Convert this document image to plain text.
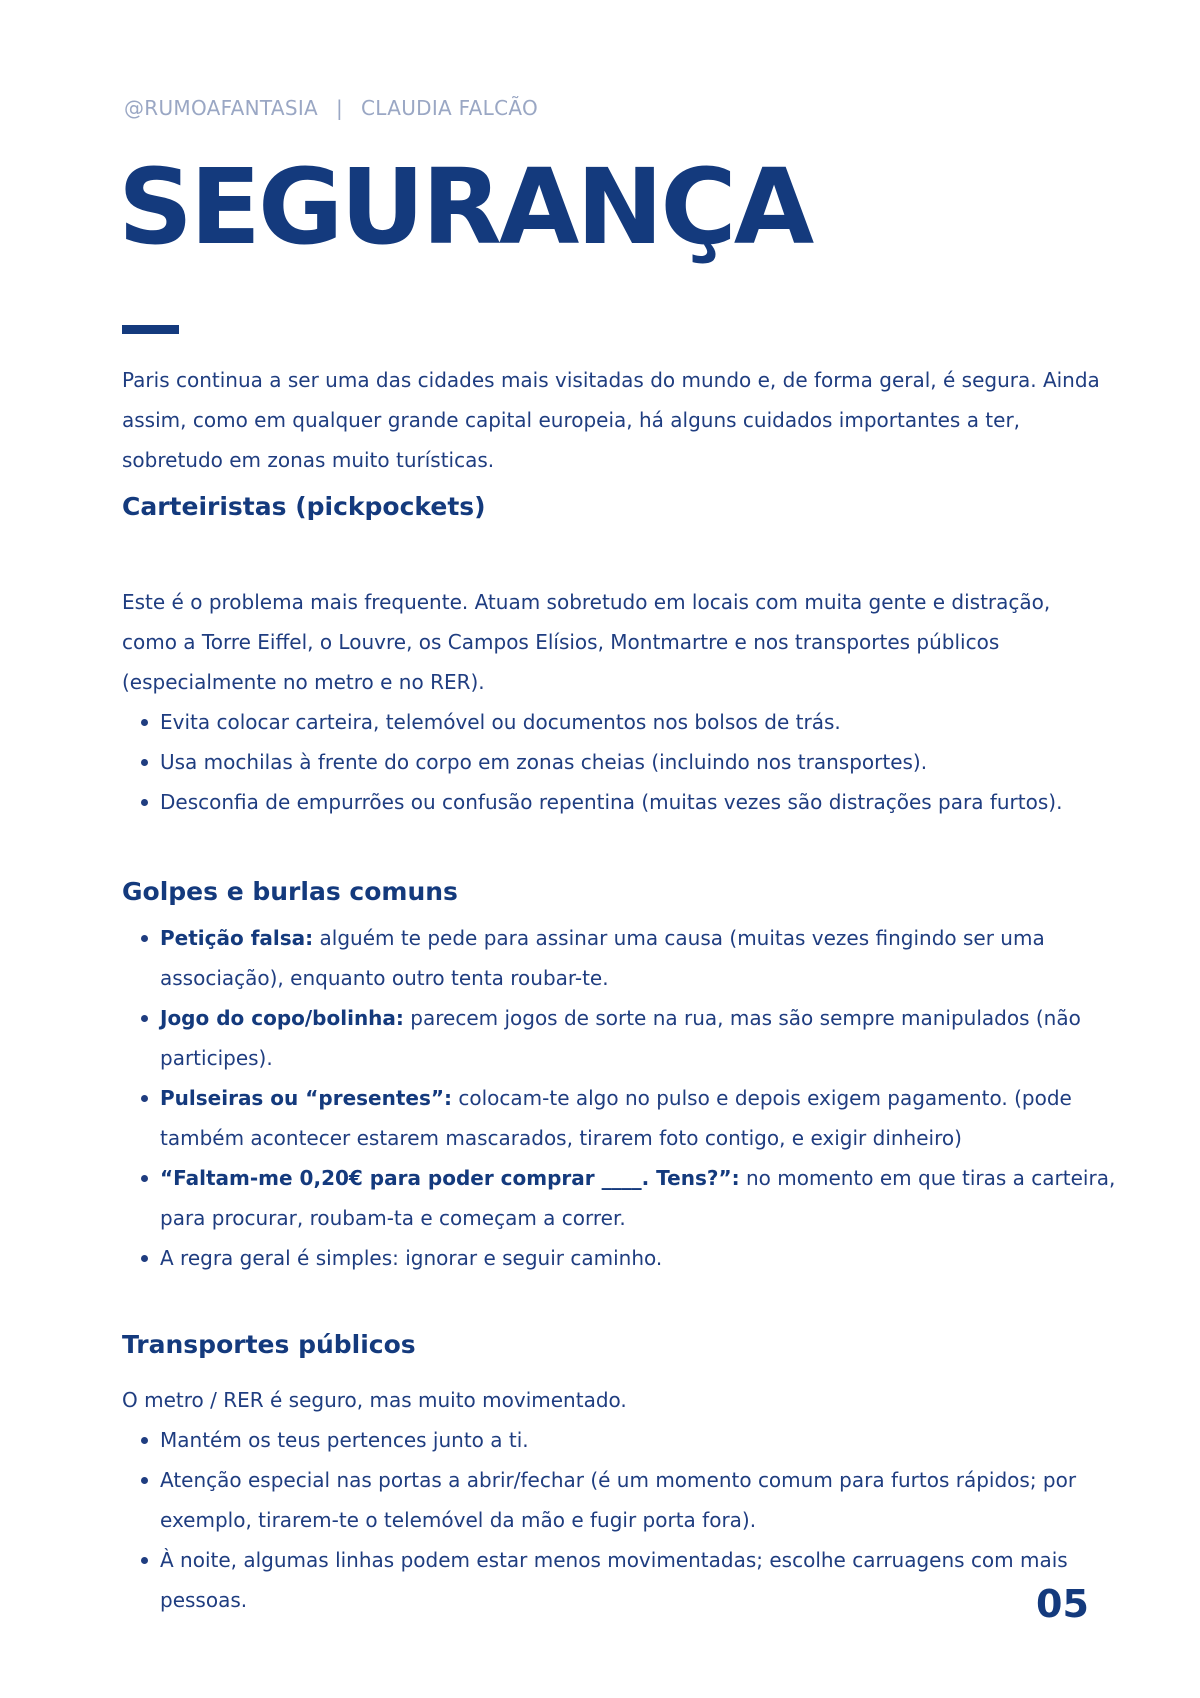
@RUMOAFANTASIA | CLAUDIA FALCÃO
SEGURANÇA

Paris continua a ser uma das cidades mais visitadas do mundo e, de forma geral, é segura. Ainda assim, como em qualquer grande capital europeia, há alguns cuidados importantes a ter, sobretudo em zonas muito turísticas.

Carteiristas (pickpockets)

Este é o problema mais frequente. Atuam sobretudo em locais com muita gente e distração, como a Torre Eiffel, o Louvre, os Campos Elísios, Montmartre e nos transportes públicos (especialmente no metro e no RER).

Evita colocar carteira, telemóvel ou documentos nos bolsos de trás.
Usa mochilas à frente do corpo em zonas cheias (incluindo nos transportes).
Desconfia de empurrões ou confusão repentina (muitas vezes são distrações para furtos).
Golpes e burlas comuns
Petição falsa: alguém te pede para assinar uma causa (muitas vezes fingindo ser uma associação), enquanto outro tenta roubar-te.
Jogo do copo/bolinha: parecem jogos de sorte na rua, mas são sempre manipulados (não participes).
Pulseiras ou “presentes”: colocam-te algo no pulso e depois exigem pagamento. (pode também acontecer estarem mascarados, tirarem foto contigo, e exigir dinheiro)
“Faltam-me 0,20€ para poder comprar ____. Tens?”: no momento em que tiras a carteira, para procurar, roubam-ta e começam a correr.
A regra geral é simples: ignorar e seguir caminho.
Transportes públicos

O metro / RER é seguro, mas muito movimentado.

Mantém os teus pertences junto a ti.
Atenção especial nas portas a abrir/fechar (é um momento comum para furtos rápidos; por exemplo, tirarem-te o telemóvel da mão e fugir porta fora).
À noite, algumas linhas podem estar menos movimentadas; escolhe carruagens com mais pessoas.	05
